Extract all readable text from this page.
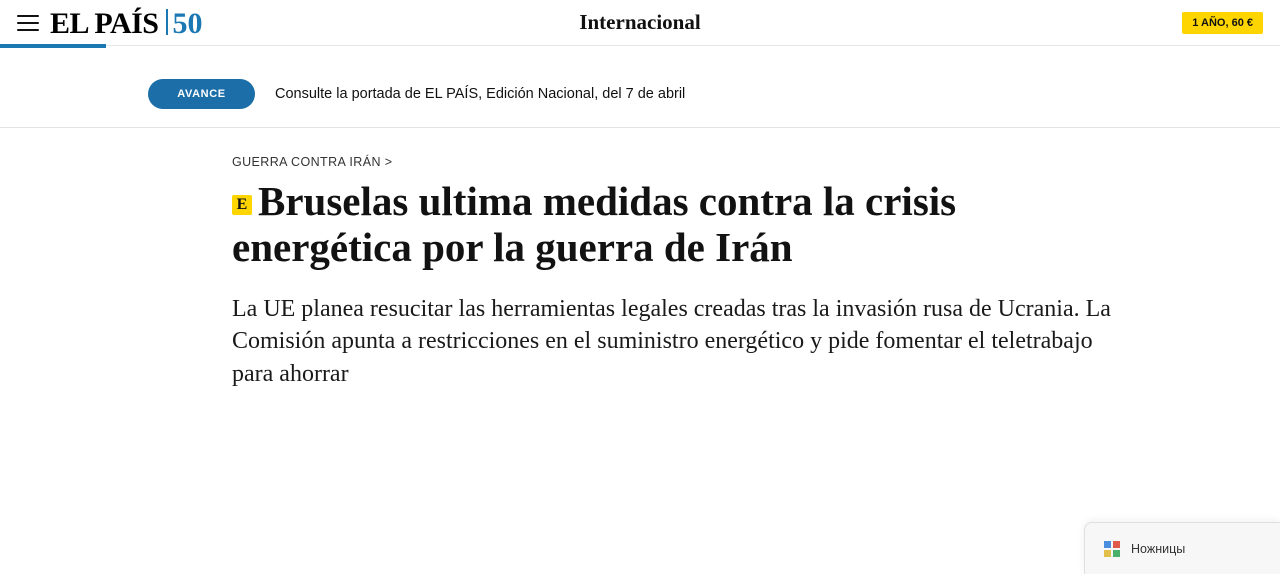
EL PAÍS 50	Internacional	1 AÑO, 60 €
AVANCE	Consulte la portada de EL PAÍS, Edición Nacional, del 7 de abril
GUERRA CONTRA IRÁN >
E Bruselas ultima medidas contra la crisis energética por la guerra de Irán

La UE planea resucitar las herramientas legales creadas tras la invasión rusa de Ucrania. La Comisión apunta a restricciones en el suministro energético y pide fomentar el teletrabajo para ahorrar

Ножницы
